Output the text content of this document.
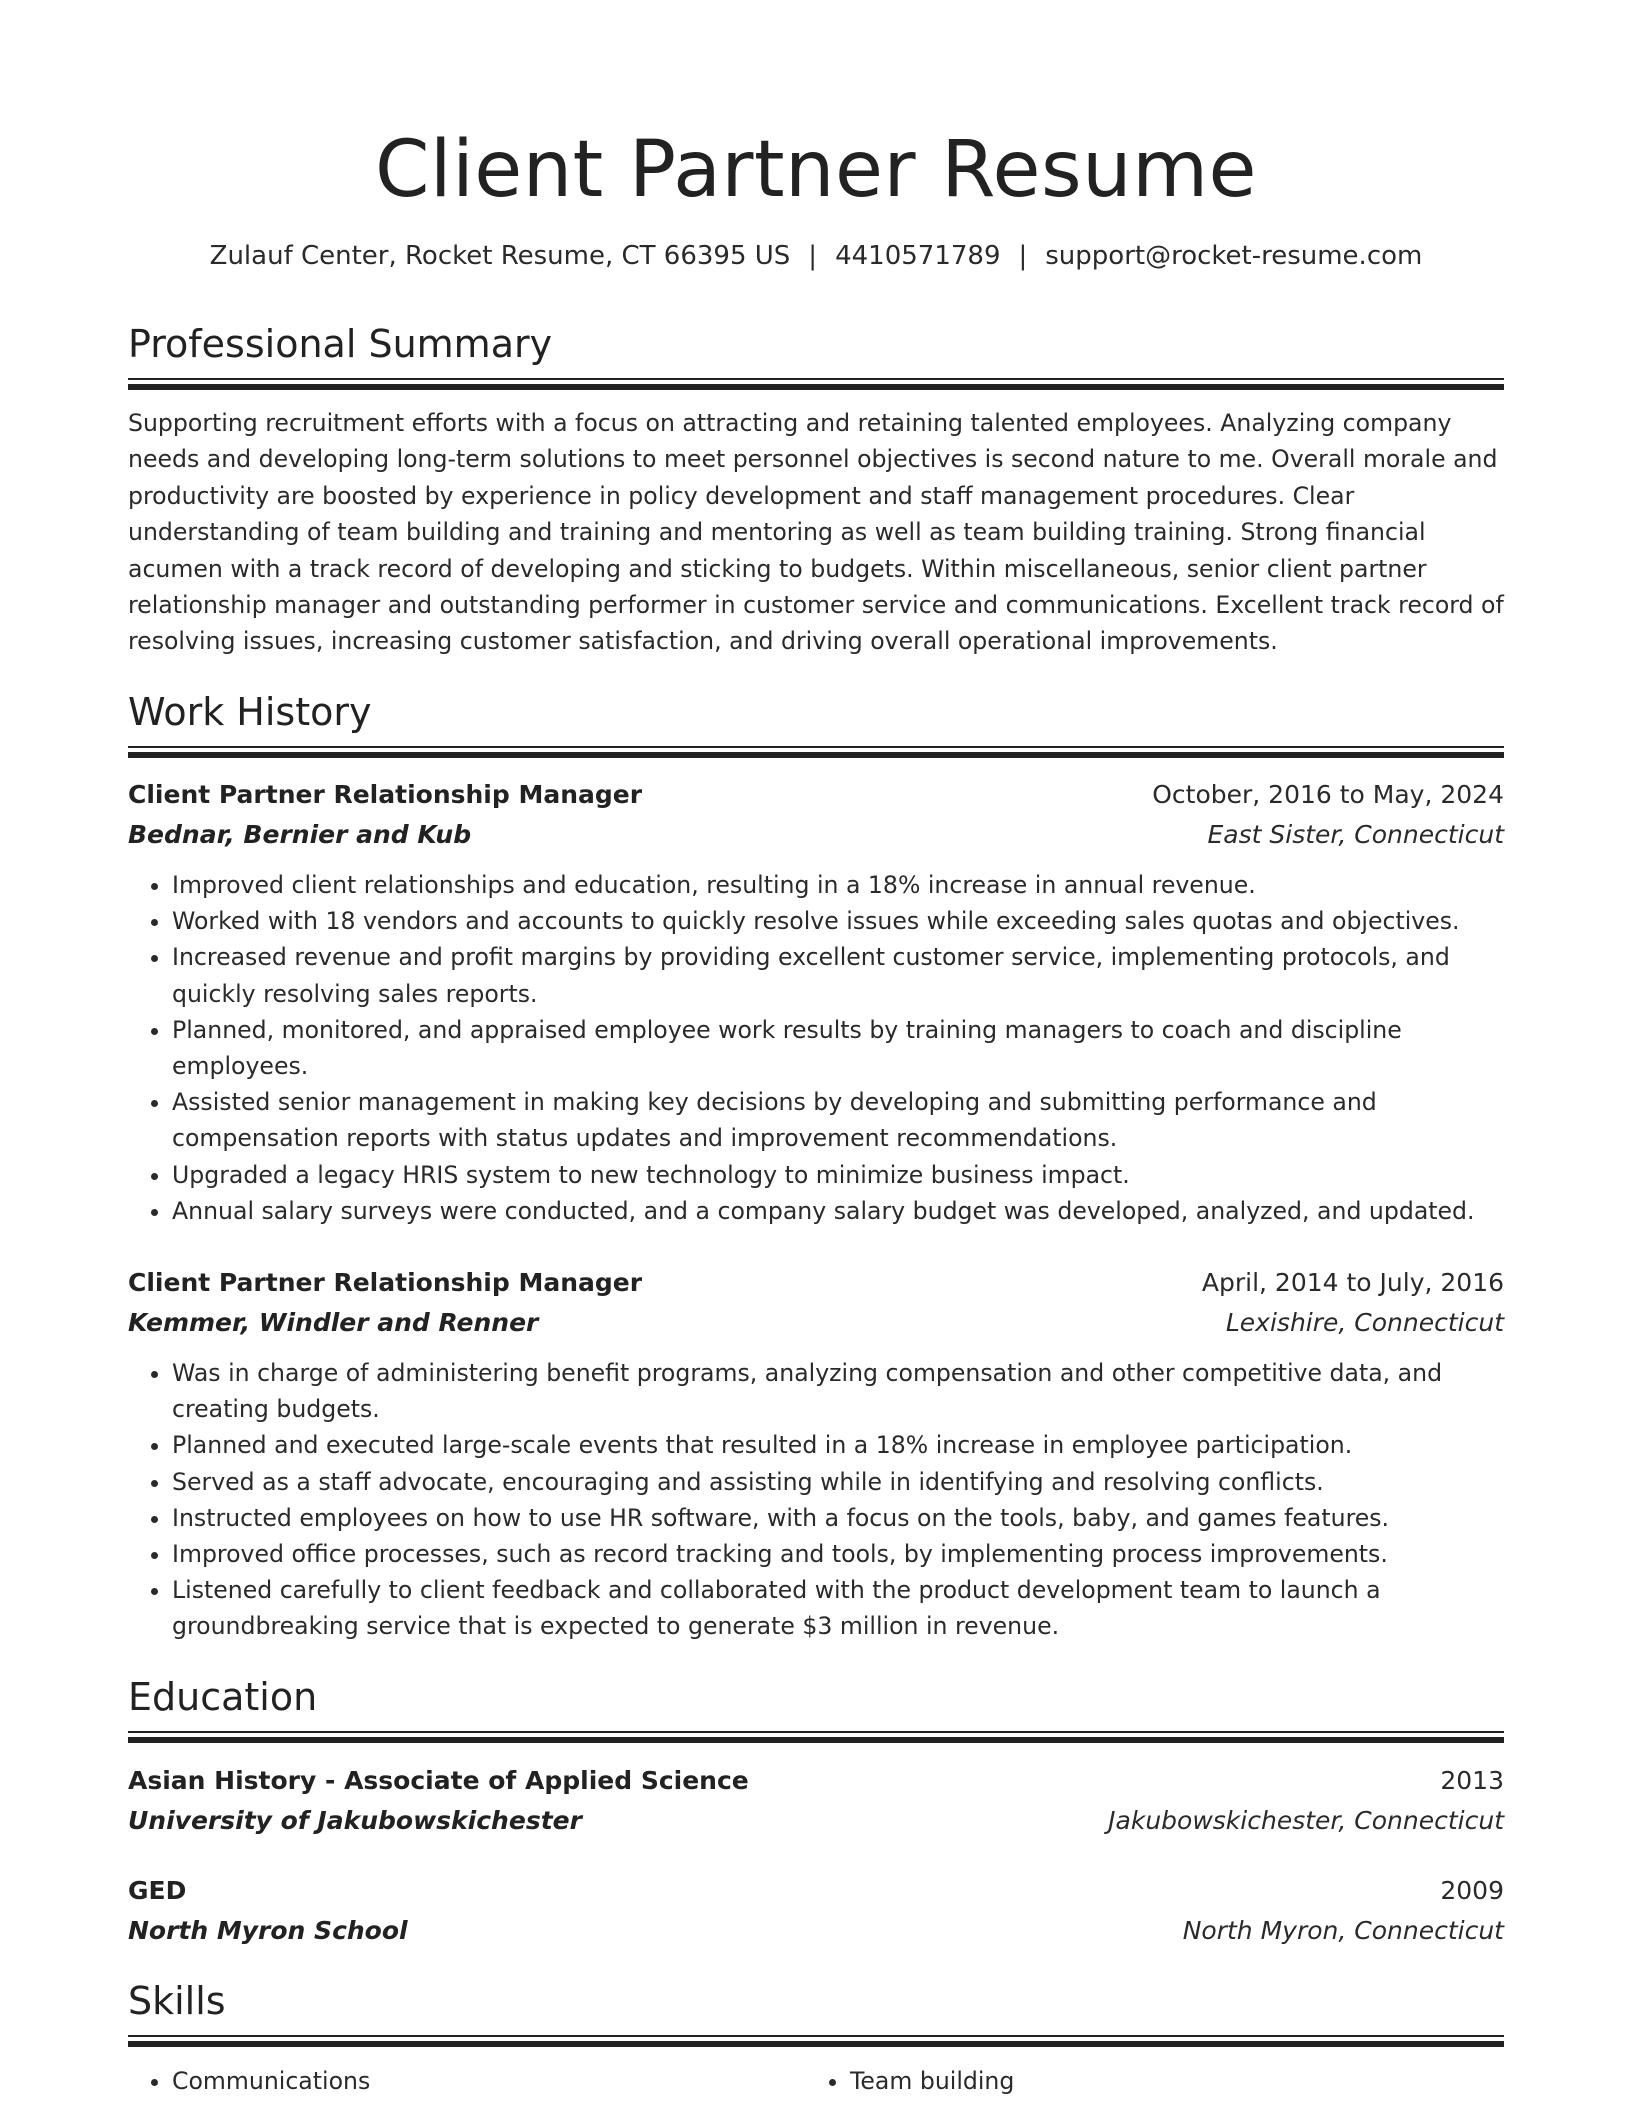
Client Partner Resume
Zulauf Center, Rocket Resume, CT 66395 US | 4410571789 | support@rocket-resume.com
Professional Summary
Supporting recruitment efforts with a focus on attracting and retaining talented employees. Analyzing company needs and developing long-term solutions to meet personnel objectives is second nature to me. Overall morale and productivity are boosted by experience in policy development and staff management procedures. Clear understanding of team building and training and mentoring as well as team building training. Strong financial acumen with a track record of developing and sticking to budgets. Within miscellaneous, senior client partner relationship manager and outstanding performer in customer service and communications. Excellent track record of resolving issues, increasing customer satisfaction, and driving overall operational improvements.
Work History
Client Partner Relationship Manager	October, 2016 to May, 2024
Bednar, Bernier and Kub	East Sister, Connecticut
• Improved client relationships and education, resulting in a 18% increase in annual revenue.
• Worked with 18 vendors and accounts to quickly resolve issues while exceeding sales quotas and objectives.
• Increased revenue and profit margins by providing excellent customer service, implementing protocols, and quickly resolving sales reports.
• Planned, monitored, and appraised employee work results by training managers to coach and discipline employees.
• Assisted senior management in making key decisions by developing and submitting performance and compensation reports with status updates and improvement recommendations.
• Upgraded a legacy HRIS system to new technology to minimize business impact.
• Annual salary surveys were conducted, and a company salary budget was developed, analyzed, and updated.
Client Partner Relationship Manager	April, 2014 to July, 2016
Kemmer, Windler and Renner	Lexishire, Connecticut
• Was in charge of administering benefit programs, analyzing compensation and other competitive data, and creating budgets.
• Planned and executed large-scale events that resulted in a 18% increase in employee participation.
• Served as a staff advocate, encouraging and assisting while in identifying and resolving conflicts.
• Instructed employees on how to use HR software, with a focus on the tools, baby, and games features.
• Improved office processes, such as record tracking and tools, by implementing process improvements.
• Listened carefully to client feedback and collaborated with the product development team to launch a groundbreaking service that is expected to generate $3 million in revenue.
Education
Asian History - Associate of Applied Science	2013
University of Jakubowskichester	Jakubowskichester, Connecticut
GED	2009
North Myron School	North Myron, Connecticut
Skills
• Communications
•	Team building
